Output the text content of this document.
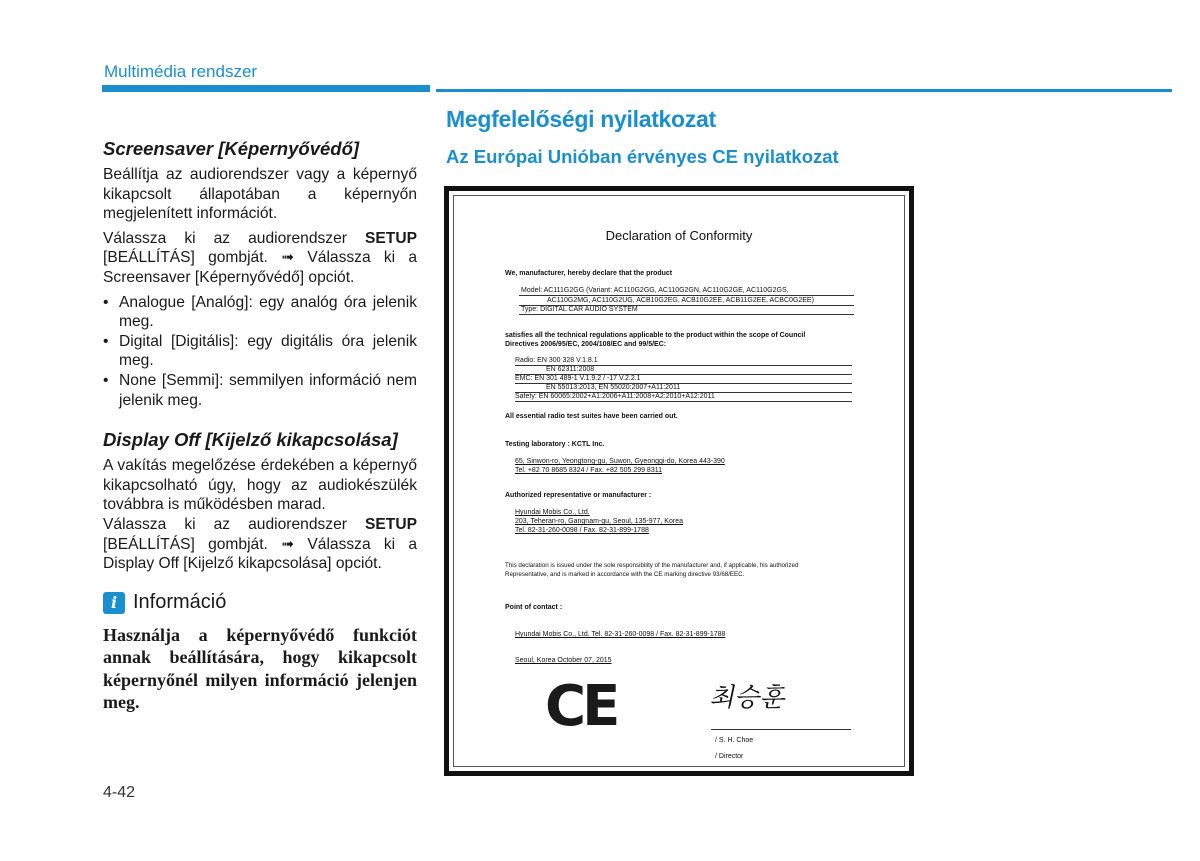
Multimédia rendszer
Screensaver [Képernyővédő]

Beállítja az audiorendszer vagy a képernyő kikapcsolt állapotában a képernyőn megjelenített információt.

Válassza ki az audiorendszer SETUP [BEÁLLÍTÁS] gombját. ➟ Válassza ki a Screensaver [Képernyővédő] opciót.

• Analogue [Analóg]: egy analóg óra jelenik meg.
• Digital [Digitális]: egy digitális óra jelenik meg.
• None [Semmi]: semmilyen információ nem jelenik meg.
Display Off [Kijelző kikapcsolása]

A vakítás megelőzése érdekében a képernyő kikapcsolható úgy, hogy az audiokészülék továbbra is működésben marad.

Válassza ki az audiorendszer SETUP [BEÁLLÍTÁS] gombját. ➟ Válassza ki a Display Off [Kijelző kikapcsolása] opciót.

i Információ
Használja a képernyővédő funkciót annak beállítására, hogy kikapcsolt képernyőnél milyen információ jelenjen meg.
4-42
Megfelelőségi nyilatkozat
Az Európai Unióban érvényes CE nyilatkozat
Declaration of Conformity
We, manufacturer, hereby declare that the product
Model: AC111G2GG (Variant: AC110G2GG, AC110G2GN, AC110G2GE, AC110G2GS,
AC110G2MG, AC110G2UG, ACB10G2EG, ACB10G2EE, ACB11G2EE, ACBC0G2EE)
Type: DIGITAL CAR AUDIO SYSTEM
satisfies all the technical regulations applicable to the product within the scope of Council
Directives 2006/95/EC, 2004/108/EC and 99/5/EC:
Radio: EN 300 328 V.1.8.1
EN 62311:2008
EMC: EN 301 489-1 V.1.9.2 / -17 V.2.2.1
EN 55013:2013, EN 55020:2007+A11:2011
Safety: EN 60065:2002+A1:2006+A11:2008+A2:2010+A12:2011
All essential radio test suites have been carried out.
Testing laboratory : KCTL Inc.
65, Sinwon-ro, Yeongtong-gu, Suwon, Gyeonggi-do, Korea 443-390
Tel. +82 70 8685 8324 / Fax. +82 505 299 8311
Authorized representative or manufacturer :
Hyundai Mobis Co., Ltd.
203, Teheran-ro, Gangnam-gu, Seoul, 135-977, Korea
Tel. 82-31-260-0098 / Fax. 82-31-899-1788
This declaration is issued under the sole responsibility of the manufacturer and, if applicable, his authorized
Representative, and is marked in accordance with the CE marking directive 93/68/EEC.
Point of contact :
Hyundai Mobis Co., Ltd. Tel. 82-31-260-0098 / Fax. 82-31-899-1788
Seoul, Korea October 07, 2015
CE	최승훈
/ S. H. Choe
/ Director
